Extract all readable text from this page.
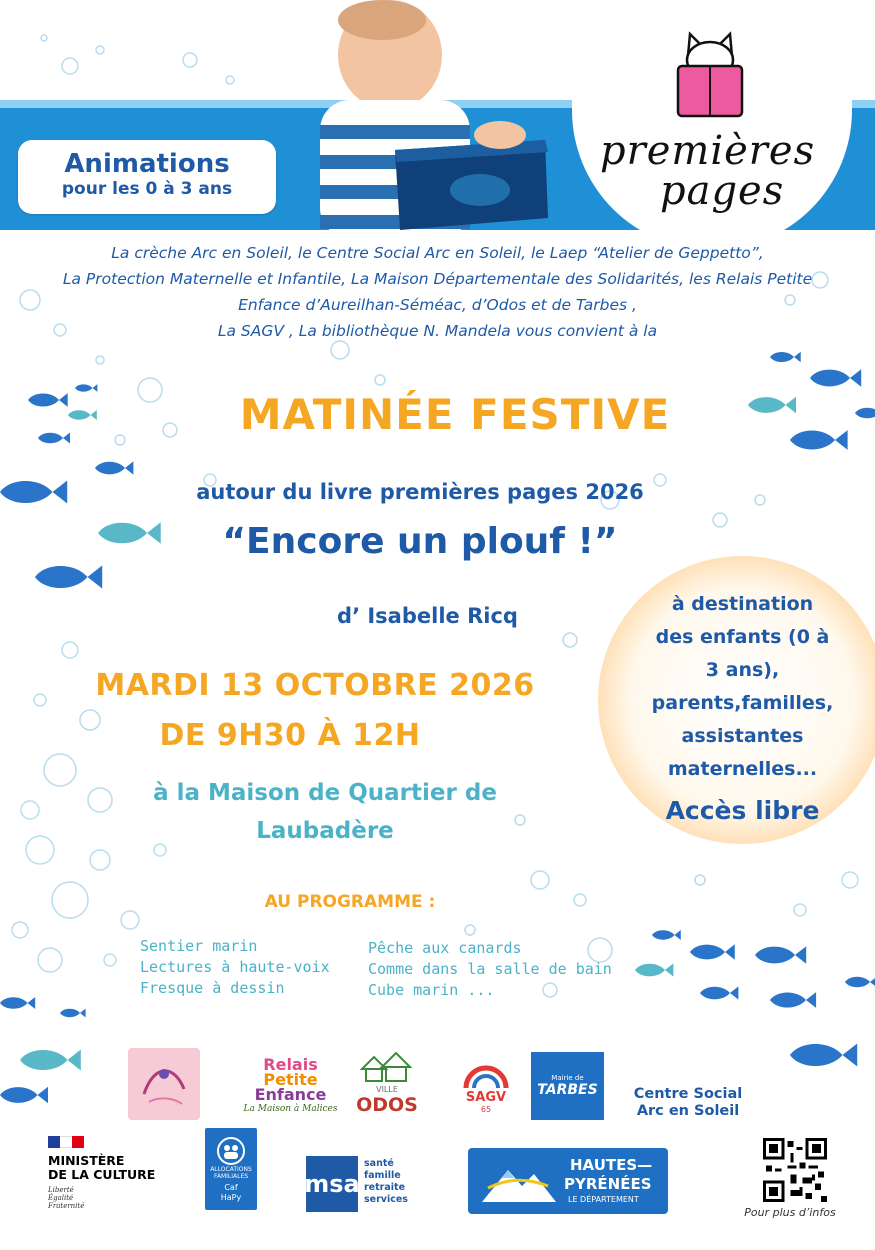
premières
pages
Animations
pour les 0 à 3 ans
La crèche Arc en Soleil, le Centre Social Arc en Soleil, le Laep “Atelier de Geppetto”,
La Protection Maternelle et Infantile, La Maison Départementale des Solidarités, les Relais Petite
Enfance d’Aureilhan-Séméac, d’Odos et de Tarbes ,
La SAGV , La bibliothèque N. Mandela vous convient à la
MATINÉE FESTIVE
autour du livre premières pages 2026
“Encore un plouf !”
d’ Isabelle Ricq
MARDI 13 OCTOBRE 2026
DE 9H30 À 12H
à la Maison de Quartier de
Laubadère
à destination
des enfants (0 à
3 ans),
parents,familles,
assistantes
maternelles...
Accès libre
AU PROGRAMME :
Sentier marin
Lectures à haute-voix
Fresque à dessin
Pêche aux canards
Comme dans la salle de bain
Cube marin ...
Relais
Petite
Enfance
La Maison à Malices
VILLE
ODOS	SAGV
65
Mairie de
TARBES Centre Social
Arc en Soleil
MINISTÈRE
DE LA CULTURE
Liberté
Égalité
Fraternité
ALLOCATIONS
FAMILIALES
Caf
HaPy	msa
santé
famille
retraite
services
HAUTES—
PYRÉNÉES
LE DÉPARTEMENT
Pour plus d’infos
